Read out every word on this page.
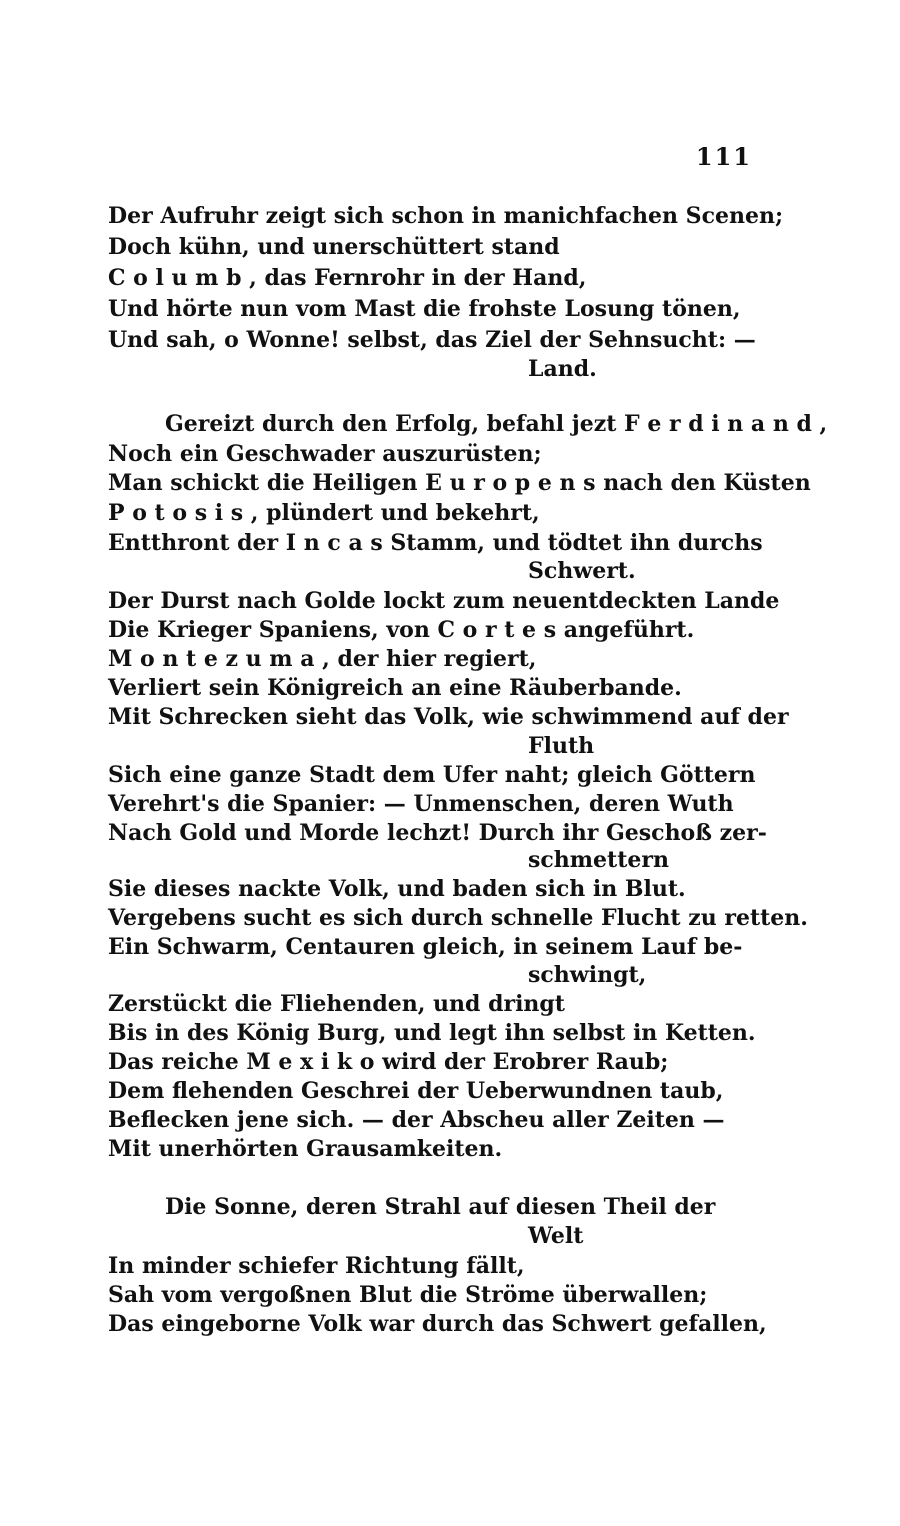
111
Der Aufruhr zeigt sich schon in manichfachen Scenen;
Doch kühn, und unerschüttert stand
C o l u m b , das Fernrohr in der Hand,
Und hörte nun vom Mast die frohste Losung tönen,
Und sah, o Wonne! selbst, das Ziel der Sehnsucht: —
Land.
Gereizt durch den Erfolg, befahl jezt F e r d i n a n d ,
Noch ein Geschwader auszurüsten;
Man schickt die Heiligen E u r o p e n s nach den Küsten
P o t o s i s , plündert und bekehrt,
Entthront der I n c a s Stamm, und tödtet ihn durchs
Schwert.
Der Durst nach Golde lockt zum neuentdeckten Lande
Die Krieger Spaniens, von C o r t e s angeführt.
M o n t e z u m a , der hier regiert,
Verliert sein Königreich an eine Räuberbande.
Mit Schrecken sieht das Volk, wie schwimmend auf der
Fluth
Sich eine ganze Stadt dem Ufer naht; gleich Göttern
Verehrt's die Spanier: — Unmenschen, deren Wuth
Nach Gold und Morde lechzt! Durch ihr Geschoß zer-
schmettern
Sie dieses nackte Volk, und baden sich in Blut.
Vergebens sucht es sich durch schnelle Flucht zu retten.
Ein Schwarm, Centauren gleich, in seinem Lauf be-
schwingt,
Zerstückt die Fliehenden, und dringt
Bis in des König Burg, und legt ihn selbst in Ketten.
Das reiche M e x i k o wird der Erobrer Raub;
Dem flehenden Geschrei der Ueberwundnen taub,
Beflecken jene sich. — der Abscheu aller Zeiten —
Mit unerhörten Grausamkeiten.
Die Sonne, deren Strahl auf diesen Theil der
Welt
In minder schiefer Richtung fällt,
Sah vom vergoßnen Blut die Ströme überwallen;
Das eingeborne Volk war durch das Schwert gefallen,
